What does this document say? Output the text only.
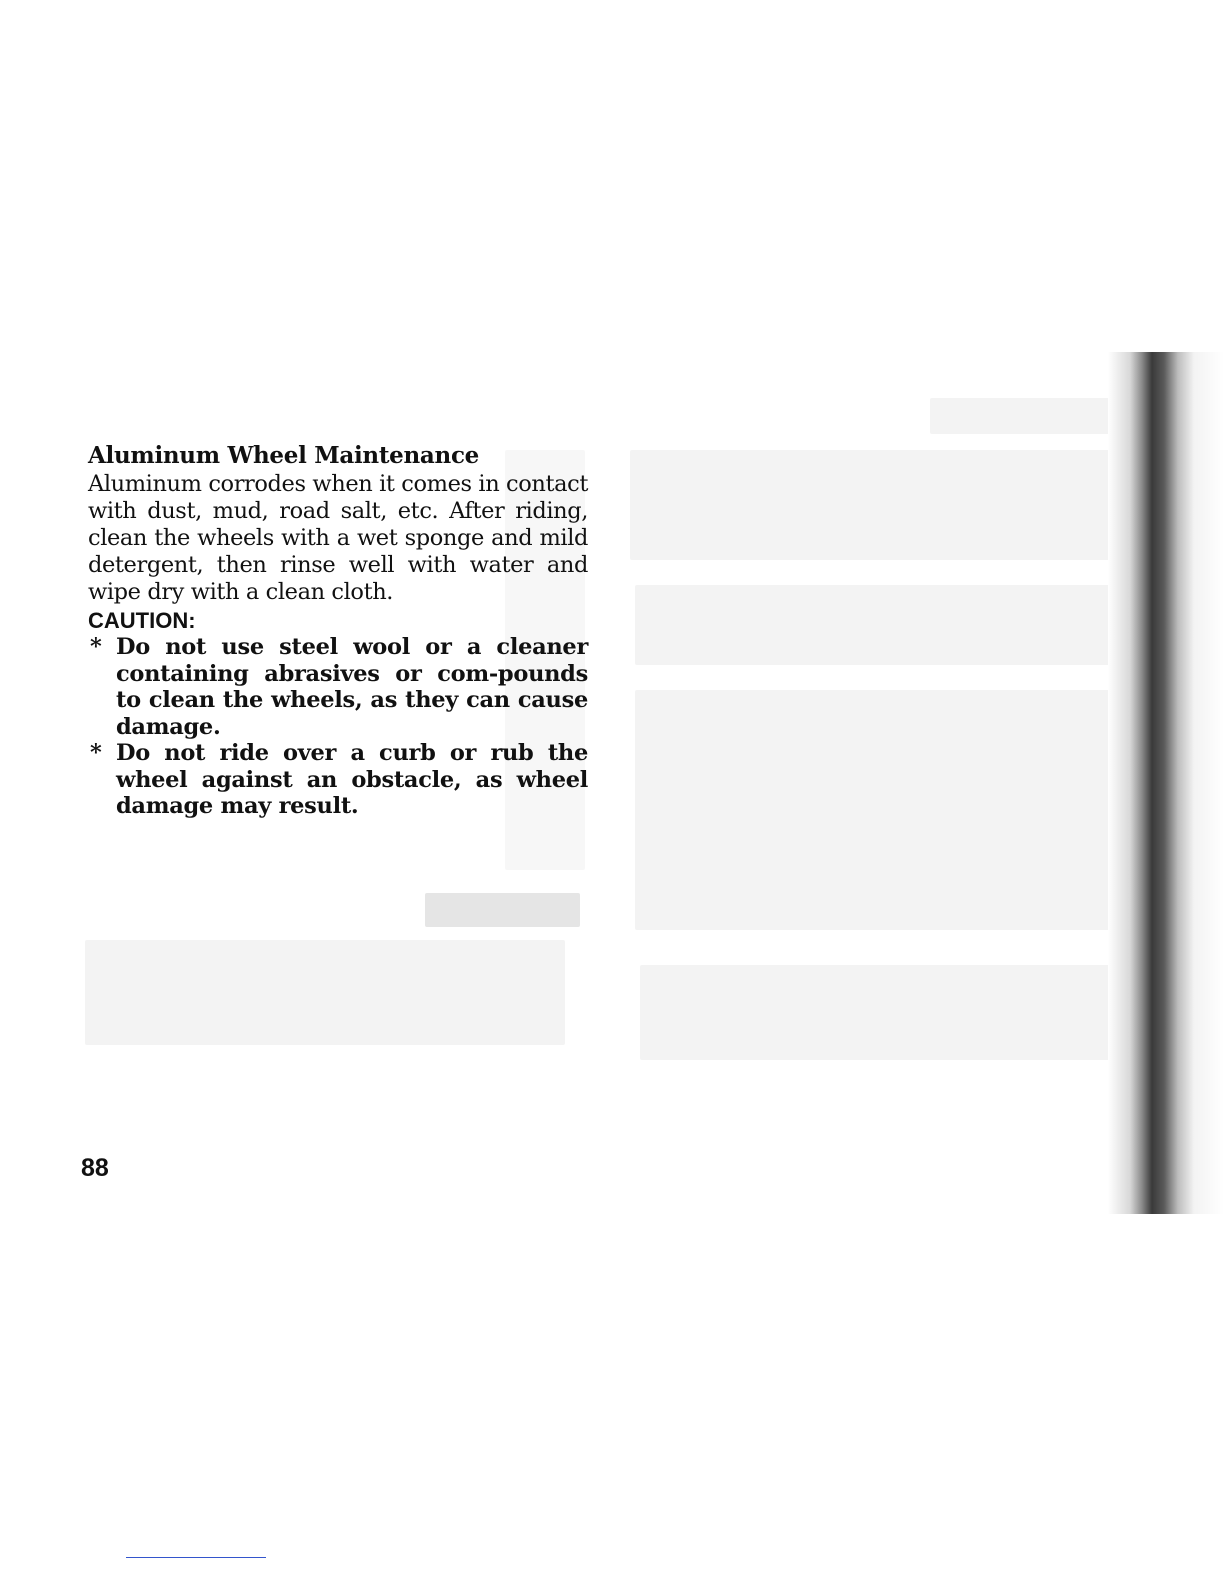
Aluminum Wheel Maintenance

Aluminum corrodes when it comes in contact with dust, mud, road salt, etc. After riding, clean the wheels with a wet sponge and mild detergent, then rinse well with water and wipe dry with a clean cloth.

CAUTION:

* Do not use steel wool or a cleaner containing abrasives or com-pounds to clean the wheels, as they can cause damage.
* Do not ride over a curb or rub the wheel against an obstacle, as wheel damage may result.

88
